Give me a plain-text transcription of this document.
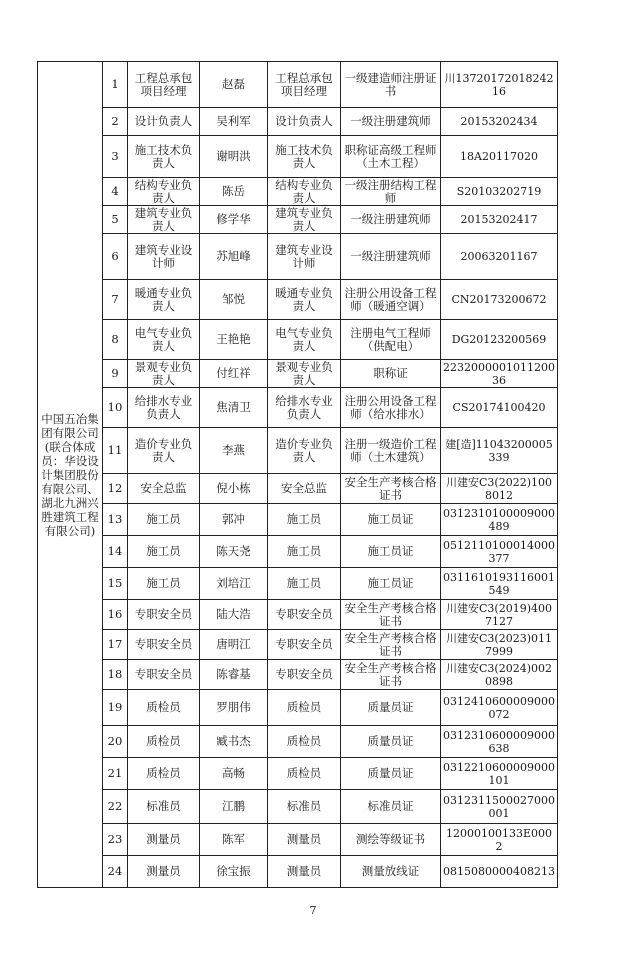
中国五冶集团有限公司(联合体成员：华设设计集团股份有限公司、湖北九洲兴胜建筑工程有限公司)	1	工程总承包项目经理	赵磊	工程总承包项目经理	一级建造师注册证书	川1372017201824216
	2	设计负责人	吴利军	设计负责人	一级注册建筑师	20153202434
	3	施工技术负责人	谢明洪	施工技术负责人	职称证高级工程师（土木工程）	18A20117020
	4	结构专业负责人	陈岳	结构专业负责人	一级注册结构工程师	S20103202719
	5	建筑专业负责人	修学华	建筑专业负责人	一级注册建筑师	20153202417
	6	建筑专业设计师	苏旭峰	建筑专业设计师	一级注册建筑师	20063201167
	7	暖通专业负责人	邹悦	暖通专业负责人	注册公用设备工程师（暖通空调）	CN20173200672
	8	电气专业负责人	王艳艳	电气专业负责人	注册电气工程师（供配电）	DG20123200569
	9	景观专业负责人	付红祥	景观专业负责人	职称证	223200000101120036
	10	给排水专业负责人	焦清卫	给排水专业负责人	注册公用设备工程师（给水排水）	CS20174100420
	11	造价专业负责人	李燕	造价专业负责人	注册一级造价工程师（土木建筑）	建[造]11043200005339
	12	安全总监	倪小栋	安全总监	安全生产考核合格证书	川建安C3(2022)1008012
	13	施工员	郭冲	施工员	施工员证	0312310100009000489
	14	施工员	陈天尧	施工员	施工员证	0512110100014000377
	15	施工员	刘培江	施工员	施工员证	0311610193116001549
	16	专职安全员	陆大浩	专职安全员	安全生产考核合格证书	川建安C3(2019)4007127
	17	专职安全员	唐明江	专职安全员	安全生产考核合格证书	川建安C3(2023)0117999
	18	专职安全员	陈睿基	专职安全员	安全生产考核合格证书	川建安C3(2024)0020898
	19	质检员	罗朋伟	质检员	质量员证	0312410600009000072
	20	质检员	臧书杰	质检员	质量员证	0312310600009000638
	21	质检员	高畅	质检员	质量员证	0312210600009000101
	22	标准员	江鹏	标准员	标准员证	0312311500027000001
	23	测量员	陈军	测量员	测绘等级证书	12000100133E0002
	24	测量员	徐宝振	测量员	测量放线证	0815080000408213
7
